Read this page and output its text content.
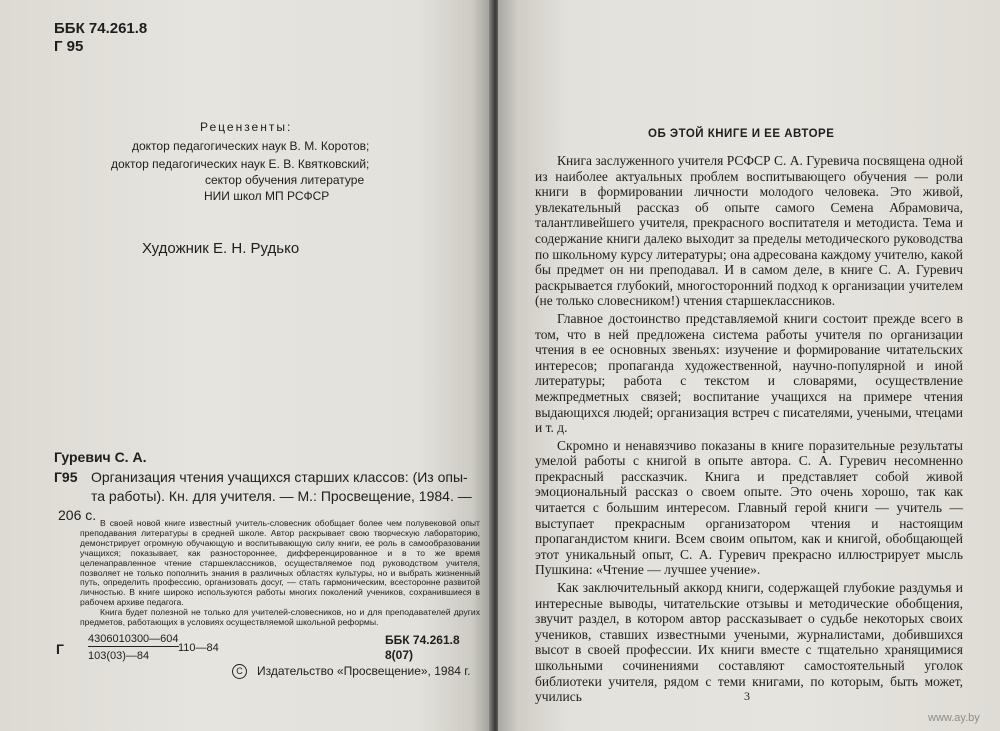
ББК 74.261.8
Г 95
Рецензенты:
доктор педагогических наук В. М. Коротов;
доктор педагогических наук Е. В. Квятковский;
сектор обучения литературе
НИИ школ МП РСФСР
Художник Е. Н. Рудько
Гуревич С. А.
Г95 Организация чтения учащихся старших классов: (Из опы-
та работы). Кн. для учителя. — М.: Просвещение, 1984. —
206 с. В своей новой книге известный учитель-словесник обобщает более чем полувековой опыт преподавания литературы в средней школе. Автор раскрывает свою творческую лабораторию, демонстрирует огромную обучающую и воспитывающую силу книги, ее роль в самообразовании учащихся; показывает, как разностороннее, дифференцированное и в то же время целенаправленное чтение старшеклассников, осуществляемое под руководством учителя, позволяет не только пополнить знания в различных областях культуры, но и выбрать жизненный путь, определить профессию, организовать досуг, — стать гармоническим, всесторонне развитой личностью. В книге широко используются работы многих поколений учеников, сохранившиеся в рабочем архиве педагога.
Книга будет полезной не только для учителей-словесников, но и для преподавателей других предметов, работающих в условиях осуществляемой школьной реформы.
Г
4306010300—604
103(03)—84
110—84
ББК 74.261.8
8(07)
C Издательство «Просвещение», 1984 г.
ОБ ЭТОЙ КНИГЕ И ЕЕ АВТОРЕ

Книга заслуженного учителя РСФСР С. А. Гуревича посвящена одной из наиболее актуальных проблем воспитывающего обучения — роли книги в формировании личности молодого человека. Это живой, увлекательный рассказ об опыте самого Семена Абрамовича, талантливейшего учителя, прекрасного воспитателя и методиста. Тема и содержание книги далеко выходит за пределы методического руководства по школьному курсу литературы; она адресована каждому учителю, какой бы предмет он ни преподавал. И в самом деле, в книге С. А. Гуревич раскрывается глубокий, многосторонний подход к организации учителем (не только словесником!) чтения старшеклассников.

Главное достоинство представляемой книги состоит прежде всего в том, что в ней предложена система работы учителя по организации чтения в ее основных звеньях: изучение и формирование читательских интересов; пропаганда художественной, научно-популярной и иной литературы; работа с текстом и словарями, осуществление межпредметных связей; воспитание учащихся на примере чтения выдающихся людей; организация встреч с писателями, учеными, чтецами и т. д.

Скромно и ненавязчиво показаны в книге поразительные результаты умелой работы с книгой в опыте автора. С. А. Гуревич несомненно прекрасный рассказчик. Книга и представляет собой живой эмоциональный рассказ о своем опыте. Это очень хорошо, так как читается с большим интересом. Главный герой книги — учитель — выступает прекрасным организатором чтения и настоящим пропагандистом книги. Всем своим опытом, как и книгой, обобщающей этот уникальный опыт, С. А. Гуревич прекрасно иллюстрирует мысль Пушкина: «Чтение — лучшее учение».

Как заключительный аккорд книги, содержащей глубокие раздумья и интересные выводы, читательские отзывы и методические обобщения, звучит раздел, в котором автор рассказывает о судьбе некоторых своих учеников, ставших известными учеными, журналистами, добившихся высот в своей профессии. Их книги вместе с тщательно хранящимися школьными сочинениями составляют самостоятельный уголок библиотеки учителя, рядом с теми книгами, по которым, быть может, учились	3
www.ay.by
